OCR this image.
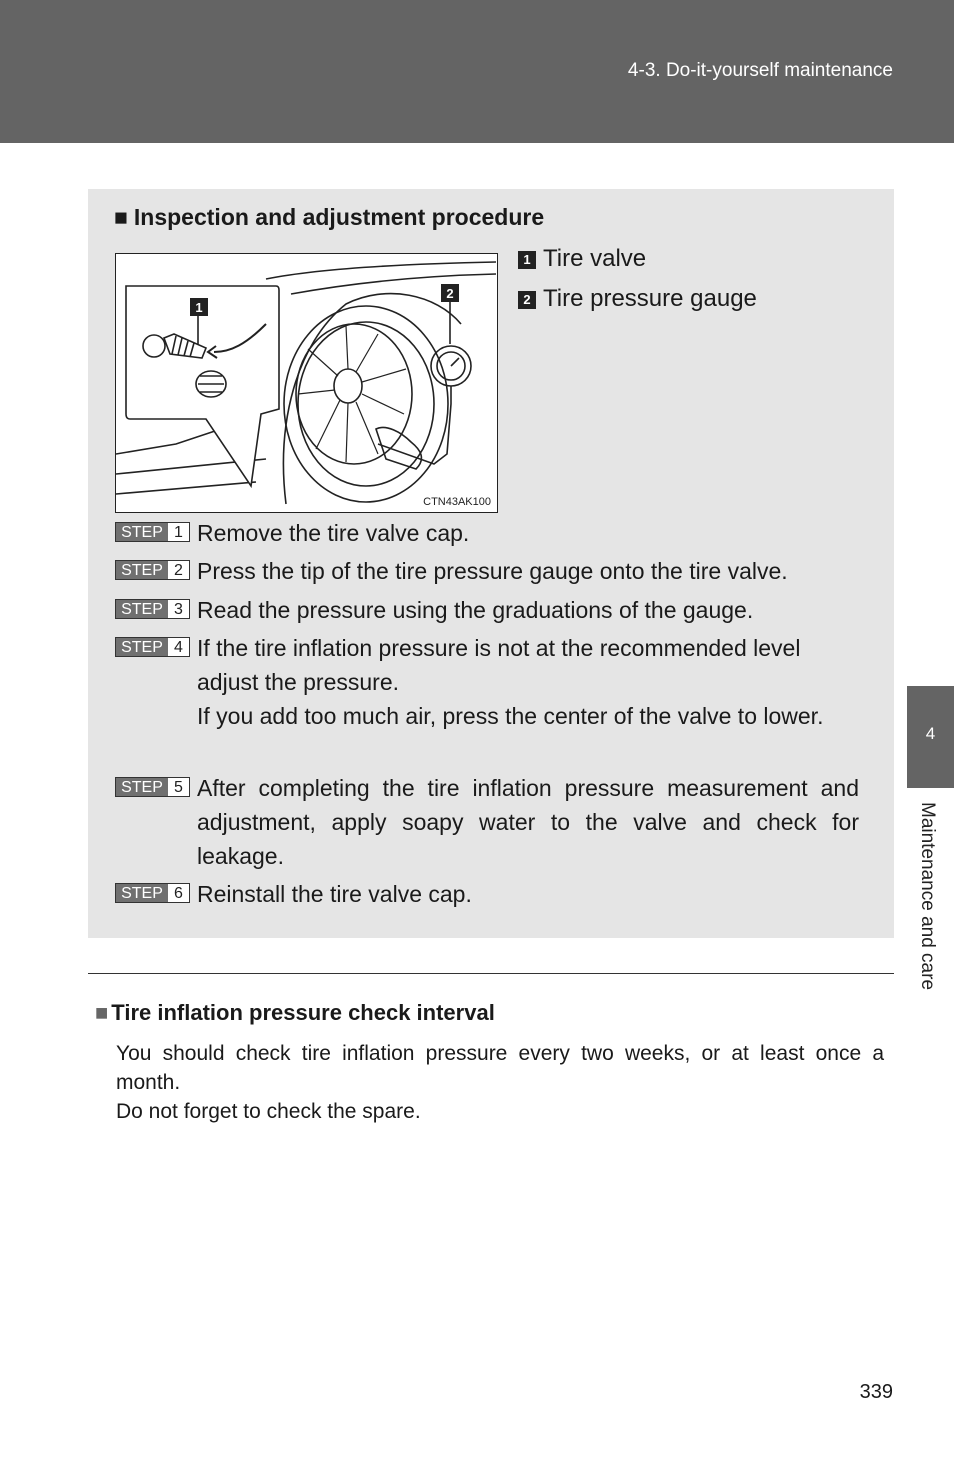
4-3. Do-it-yourself maintenance
■ Inspection and adjustment procedure
1
2
CTN43AK100
1 Tire valve
2 Tire pressure gauge
STEP 1 Remove the tire valve cap.

STEP 2 Press the tip of the tire pressure gauge onto the tire valve.

STEP 3 Read the pressure using the graduations of the gauge.

STEP 4 If the tire inflation pressure is not at the recommended level adjust the pressure.

If you add too much air, press the center of the valve to lower.

STEP 5 After completing the tire inflation pressure measurement and adjustment, apply soapy water to the valve and check for leakage.

STEP 6 Reinstall the tire valve cap.

■ Tire inflation pressure check interval

You should check tire inflation pressure every two weeks, or at least once a month.

Do not forget to check the spare.

4
Maintenance and care
339
